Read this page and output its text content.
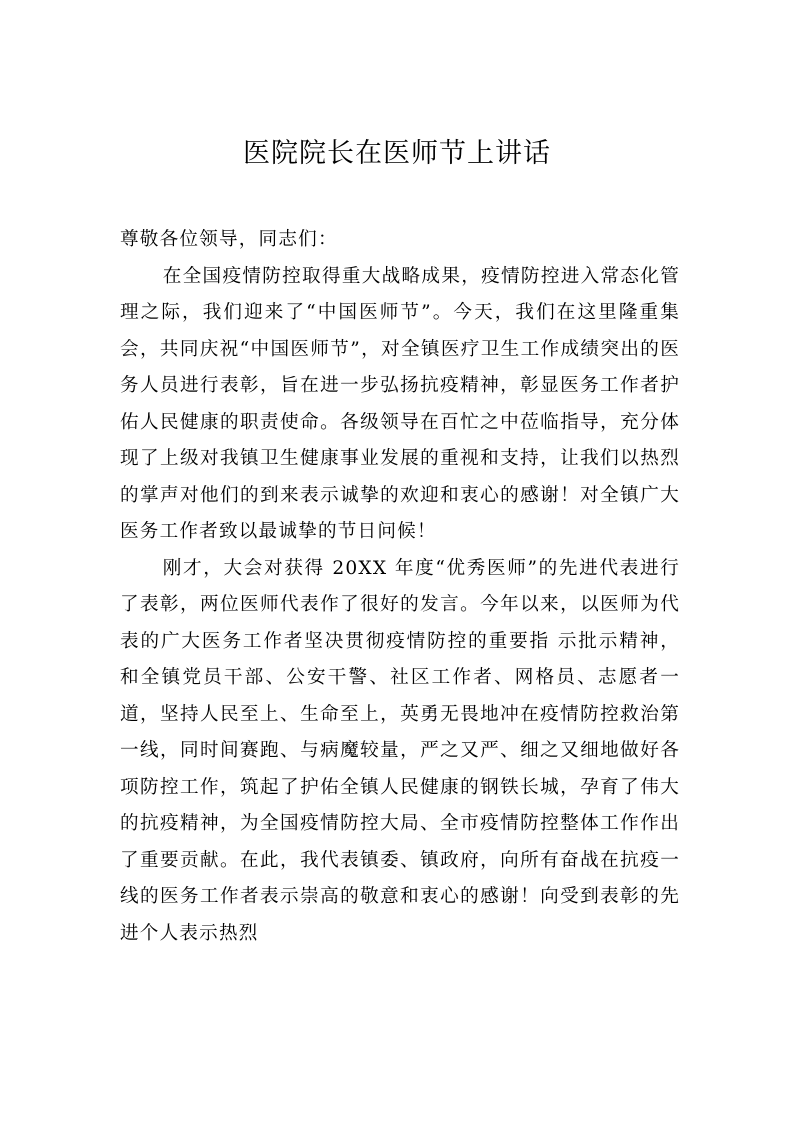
医院院长在医师节上讲话

尊敬各位领导，同志们：

在全国疫情防控取得重大战略成果，疫情防控进入常态化管理之际，我们迎来了“中国医师节”。今天，我们在这里隆重集会，共同庆祝“中国医师节”，对全镇医疗卫生工作成绩突出的医务人员进行表彰，旨在进一步弘扬抗疫精神，彰显医务工作者护佑人民健康的职责使命。各级领导在百忙之中莅临指导，充分体现了上级对我镇卫生健康事业发展的重视和支持，让我们以热烈的掌声对他们的到来表示诚挚的欢迎和衷心的感谢！对全镇广大医务工作者致以最诚挚的节日问候！

刚才，大会对获得 20XX 年度“优秀医师”的先进代表进行了表彰，两位医师代表作了很好的发言。今年以来，以医师为代表的广大医务工作者坚决贯彻疫情防控的重要指 示批示精神，和全镇党员干部、公安干警、社区工作者、网格员、志愿者一道，坚持人民至上、生命至上，英勇无畏地冲在疫情防控救治第一线，同时间赛跑、与病魔较量，严之又严、细之又细地做好各项防控工作，筑起了护佑全镇人民健康的钢铁长城，孕育了伟大的抗疫精神，为全国疫情防控大局、全市疫情防控整体工作作出了重要贡献。在此，我代表镇委、镇政府，向所有奋战在抗疫一线的医务工作者表示崇高的敬意和衷心的感谢！向受到表彰的先进个人表示热烈
